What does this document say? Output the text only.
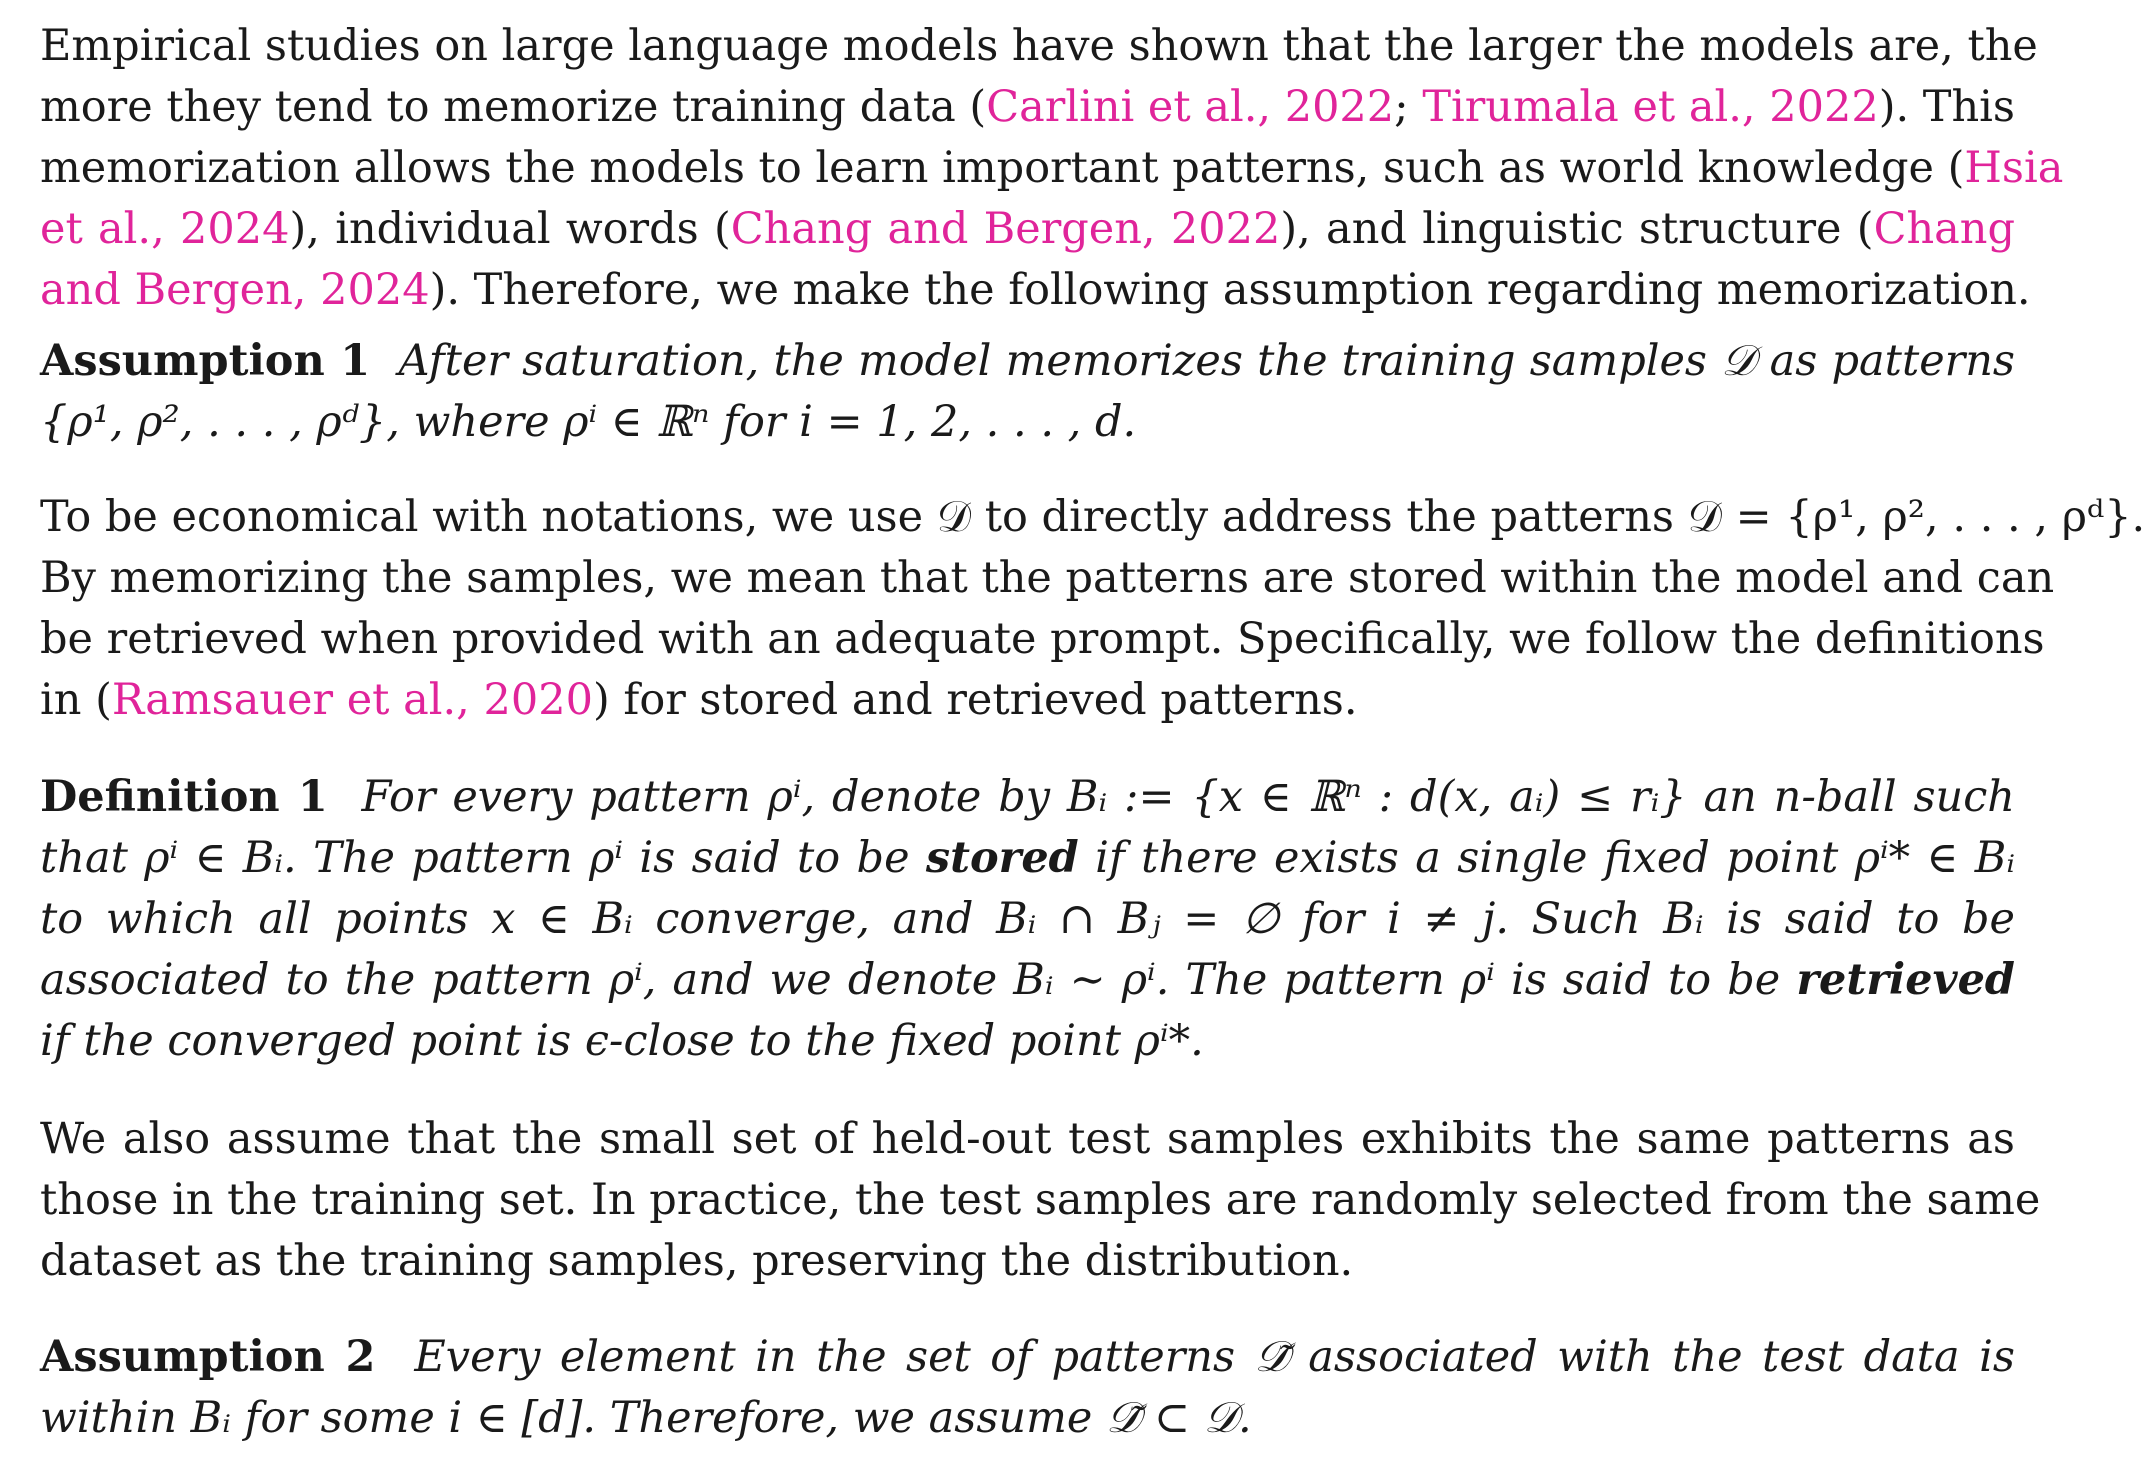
Empirical studies on large language models have shown that the larger the models are, the
more they tend to memorize training data (Carlini et al., 2022; Tirumala et al., 2022). This
memorization allows the models to learn important patterns, such as world knowledge (Hsia
et al., 2024), individual words (Chang and Bergen, 2022), and linguistic structure (Chang
and Bergen, 2024). Therefore, we make the following assumption regarding memorization.
Assumption 1 After saturation, the model memorizes the training samples 𝒟 as patterns
{ρ¹, ρ², . . . , ρᵈ}, where ρⁱ ∈ ℝⁿ for i = 1, 2, . . . , d.
To be economical with notations, we use 𝒟 to directly address the patterns 𝒟 = {ρ¹, ρ², . . . , ρᵈ}.
By memorizing the samples, we mean that the patterns are stored within the model and can
be retrieved when provided with an adequate prompt. Specifically, we follow the definitions
in (Ramsauer et al., 2020) for stored and retrieved patterns.
Definition 1 For every pattern ρⁱ, denote by Bᵢ := {x ∈ ℝⁿ : d(x, aᵢ) ≤ rᵢ} an n-ball such
that ρⁱ ∈ Bᵢ. The pattern ρⁱ is said to be stored if there exists a single fixed point ρⁱ* ∈ Bᵢ
to which all points x ∈ Bᵢ converge, and Bᵢ ∩ Bⱼ = ∅ for i ≠ j. Such Bᵢ is said to be
associated to the pattern ρⁱ, and we denote Bᵢ ∼ ρⁱ. The pattern ρⁱ is said to be retrieved
if the converged point is ϵ-close to the fixed point ρⁱ*.
We also assume that the small set of held-out test samples exhibits the same patterns as
those in the training set. In practice, the test samples are randomly selected from the same
dataset as the training samples, preserving the distribution.
Assumption 2 Every element in the set of patterns 𝒟̃ associated with the test data is
within Bᵢ for some i ∈ [d]. Therefore, we assume 𝒟̃ ⊂ 𝒟.
